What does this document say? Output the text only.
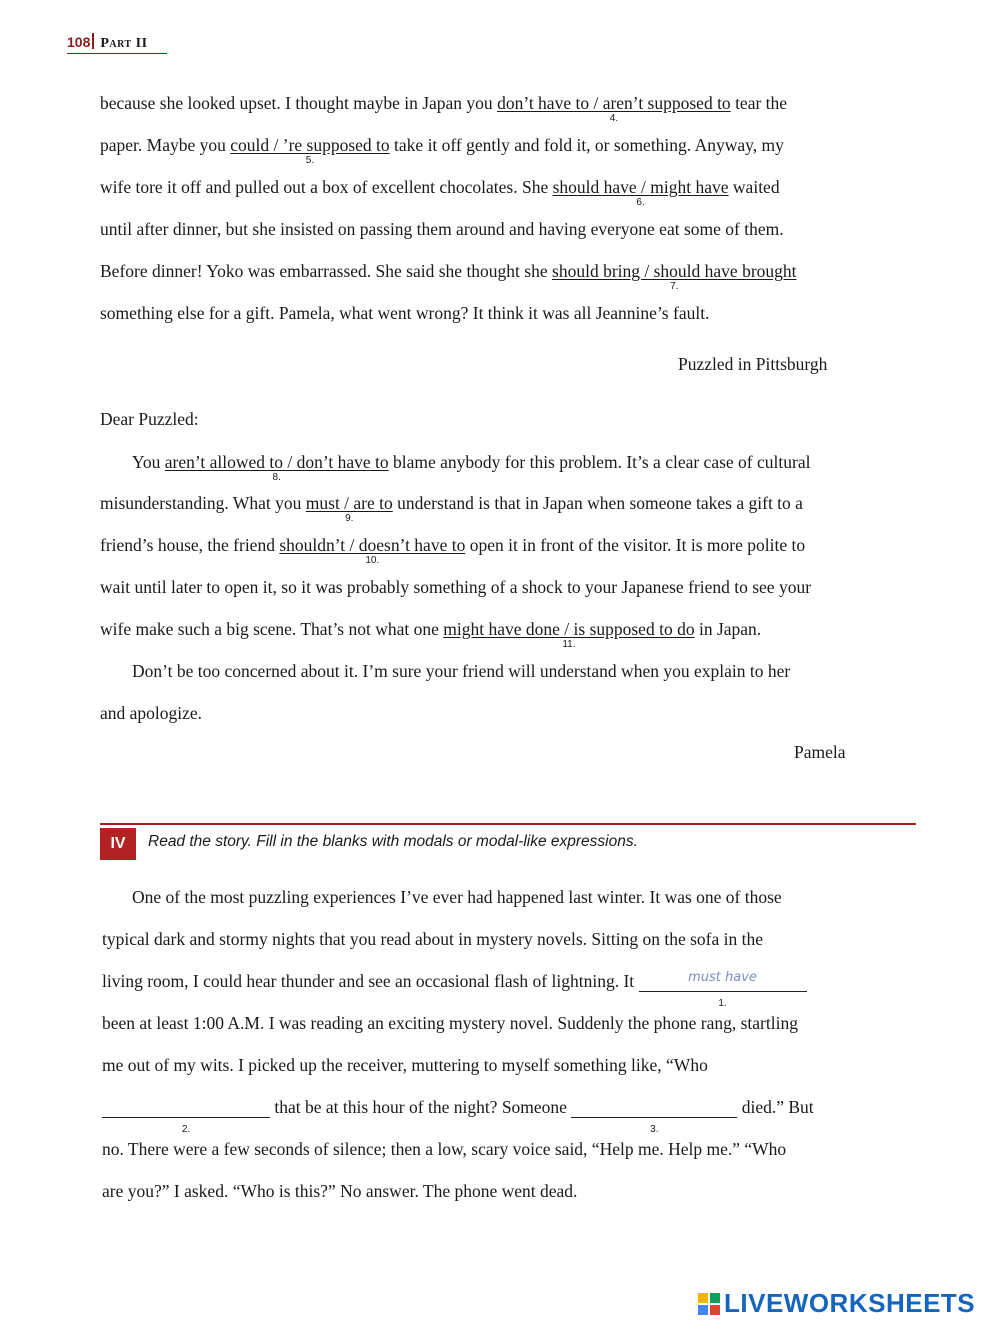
108 Part II
because she looked upset. I thought maybe in Japan you don’t have to / aren’t supposed to
4.
tear the
paper. Maybe you could / ’re supposed to
5.
take it off gently and fold it, or something. Anyway, my
wife tore it off and pulled out a box of excellent chocolates. She should have / might have
6.
waited
until after dinner, but she insisted on passing them around and having everyone eat some of them.
Before dinner! Yoko was embarrassed. She said she thought she should bring / should have brought
7.
something else for a gift. Pamela, what went wrong? It think it was all Jeannine’s fault.
Puzzled in Pittsburgh
Dear Puzzled:
You aren’t allowed to / don’t have to
8.
blame anybody for this problem. It’s a clear case of cultural
misunderstanding. What you must / are to
9.
understand is that in Japan when someone takes a gift to a
friend’s house, the friend shouldn’t / doesn’t have to
10.
open it in front of the visitor. It is more polite to
wait until later to open it, so it was probably something of a shock to your Japanese friend to see your
wife make such a big scene. That’s not what one might have done / is supposed to do
11.
in Japan.
Don’t be too concerned about it. I’m sure your friend will understand when you explain to her
and apologize.
Pamela
IV	Read the story. Fill in the blanks with modals or modal-like expressions.
One of the most puzzling experiences I’ve ever had happened last winter. It was one of those
typical dark and stormy nights that you read about in mystery novels. Sitting on the sofa in the
living room, I could hear thunder and see an occasional flash of lightning. It	must have
1.
been at least 1:00 A.M. I was reading an exciting mystery novel. Suddenly the phone rang, startling
me out of my wits. I picked up the receiver, muttering to myself something like, “Who
2.
that be at this hour of the night? Someone
3.
died.” But
no. There were a few seconds of silence; then a low, scary voice said, “Help me. Help me.” “Who
are you?” I asked. “Who is this?” No answer. The phone went dead.
LIVEWORKSHEETS
